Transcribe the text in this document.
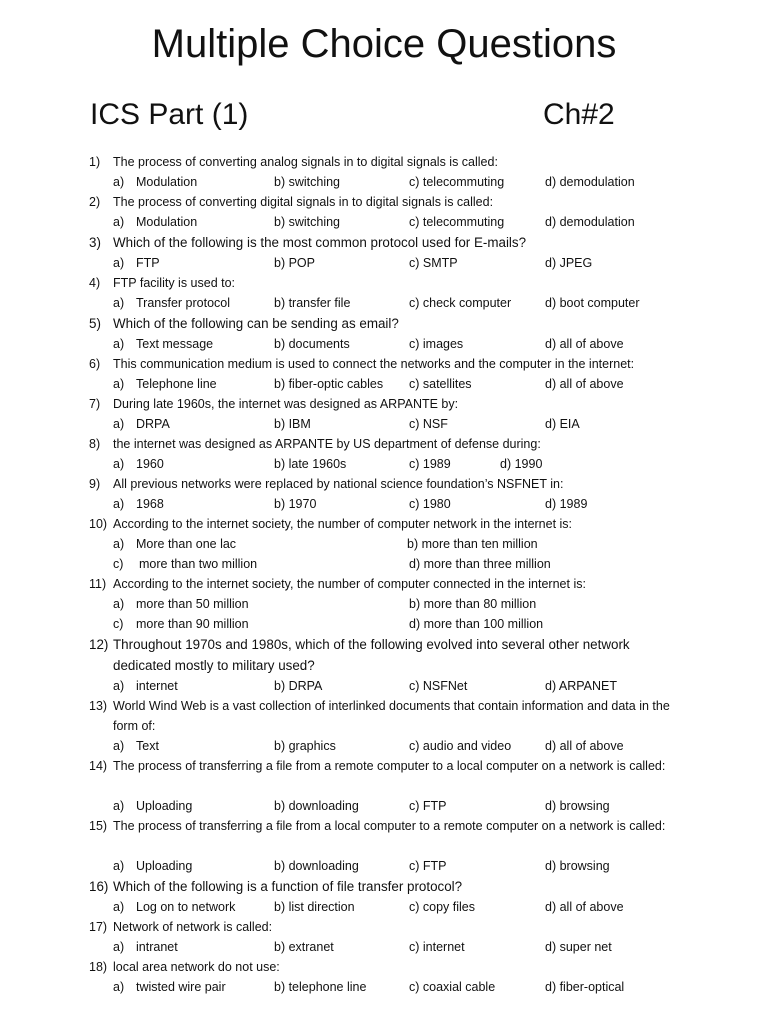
Multiple Choice Questions
ICS Part (1)	Ch#2
1) The process of converting analog signals in to digital signals is called:
a) Modulation	b) switching	c) telecommuting	d) demodulation
2) The process of converting digital signals in to digital signals is called:
a) Modulation	b) switching	c) telecommuting	d) demodulation
3) Which of the following is the most common protocol used for E-mails?
a) FTP	b) POP	c) SMTP	d) JPEG
4) FTP facility is used to:
a) Transfer protocol	b) transfer file	c) check computer	d) boot computer
5) Which of the following can be sending as email?
a) Text message	b) documents	c) images	d) all of above
6) This communication medium is used to connect the networks and the computer in the internet:
a) Telephone line	b) fiber-optic cables c) satellites	d) all of above
7) During late 1960s, the internet was designed as ARPANTE by:
a) DRPA	b) IBM	c) NSF	d) EIA
8) the internet was designed as ARPANTE by US department of defense during:
a) 1960	b) late 1960s	c) 1989	d) 1990
9) All previous networks were replaced by national science foundation’s NSFNET in:
a) 1968	b) 1970	c) 1980	d) 1989
10) According to the internet society, the number of computer network in the internet is:
a) More than one lac	b) more than ten million
c) more than two million	d) more than three million
11) According to the internet society, the number of computer connected in the internet is:
a) more than 50 million	b) more than 80 million
c) more than 90 million	d) more than 100 million
12) Throughout 1970s and 1980s, which of the following evolved into several other network dedicated mostly to military used?
a) internet	b) DRPA	c) NSFNet	d) ARPANET
13) World Wind Web is a vast collection of interlinked documents that contain information and data in the form of:
a) Text	b) graphics	c) audio and video	d) all of above
14) The process of transferring a file from a remote computer to a local computer on a network is called:
a) Uploading	b) downloading	c) FTP	d) browsing
15) The process of transferring a file from a local computer to a remote computer on a network is called:
a) Uploading	b) downloading	c) FTP	d) browsing
16) Which of the following is a function of file transfer protocol?
a) Log on to network	b) list direction	c) copy files	d) all of above
17) Network of network is called:
a) intranet	b) extranet	c) internet	d) super net
18) local area network do not use:
a) twisted wire pair	b) telephone line	c) coaxial cable	d) fiber-optical
